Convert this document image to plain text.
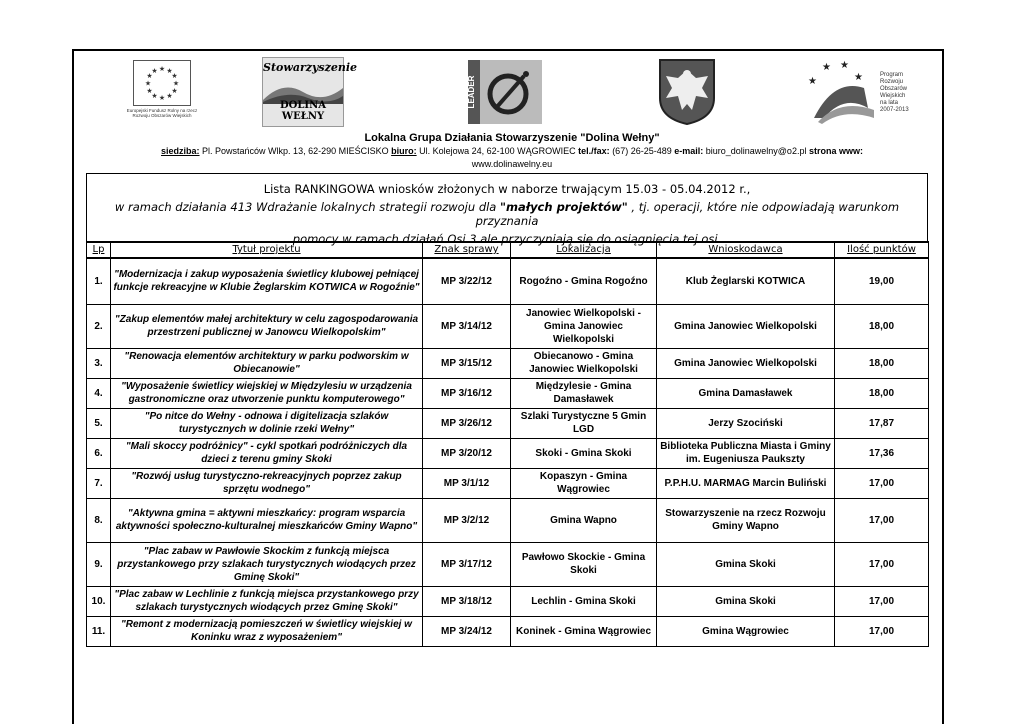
★ ★
★
★
★
★
★
★
★
★
★
★
Europejski Fundusz Rolny na rzecz Rozwoju Obszarów Wiejskich
Stowarzyszenie
DOLINA WEŁNY
LEADER
★ ★
★	★	Program
Rozwoju
Obszarów
Wiejskich
na lata 2007-2013
Lokalna Grupa Działania Stowarzyszenie "Dolina Wełny"
siedziba: Pl. Powstańców Wlkp. 13, 62-290 MIEŚCISKO biuro: Ul. Kolejowa 24, 62-100 WĄGROWIEC tel./fax: (67) 26-25-489 e-mail: biuro_dolinawelny@o2.pl strona www:
www.dolinawelny.eu
Lista RANKINGOWA wniosków złożonych w naborze trwającym 15.03 - 05.04.2012 r.,
w ramach działania 413 Wdrażanie lokalnych strategii rozwoju dla "małych projektów" , tj. operacji, które nie odpowiadają warunkom przyznania
pomocy w ramach działań Osi 3 ale przyczyniają się do osiągnięcia tej osi.
Lp	Tytuł projektu	Znak sprawy	Lokalizacja	Wnioskodawca	Ilość punktów
1.	"Modernizacja i zakup wyposażenia świetlicy klubowej pełniącej funkcje rekreacyjne w Klubie Żeglarskim KOTWICA w Rogoźnie"	MP 3/22/12	Rogoźno - Gmina Rogoźno	Klub Żeglarski KOTWICA	19,00
2.	"Zakup elementów małej architektury w celu zagospodarowania przestrzeni publicznej w Janowcu Wielkopolskim"	MP 3/14/12	Janowiec Wielkopolski - Gmina Janowiec Wielkopolski	Gmina Janowiec Wielkopolski	18,00
3.	"Renowacja elementów architektury w parku podworskim w Obiecanowie"	MP 3/15/12	Obiecanowo - Gmina Janowiec Wielkopolski	Gmina Janowiec Wielkopolski	18,00
4.	"Wyposażenie świetlicy wiejskiej w Międzylesiu w urządzenia gastronomiczne oraz utworzenie punktu komputerowego"	MP 3/16/12	Międzylesie - Gmina Damasławek	Gmina Damasławek	18,00
5.	"Po nitce do Wełny - odnowa i digitelizacja szlaków turystycznych w dolinie rzeki Wełny"	MP 3/26/12	Szlaki Turystyczne 5 Gmin LGD	Jerzy Szociński	17,87
6.	"Mali skoccy podróżnicy" - cykl spotkań podróżniczych dla dzieci z terenu gminy Skoki	MP 3/20/12	Skoki - Gmina Skoki	Biblioteka Publiczna Miasta i Gminy im. Eugeniusza Paukszty	17,36
7.	"Rozwój usług turystyczno-rekreacyjnych poprzez zakup sprzętu wodnego"	MP 3/1/12	Kopaszyn - Gmina Wągrowiec	P.P.H.U. MARMAG Marcin Buliński	17,00
8.	"Aktywna gmina = aktywni mieszkańcy: program wsparcia aktywności społeczno-kulturalnej mieszkańców Gminy Wapno"	MP 3/2/12	Gmina Wapno	Stowarzyszenie na rzecz Rozwoju Gminy Wapno	17,00
9.	"Plac zabaw w Pawłowie Skockim z funkcją miejsca przystankowego przy szlakach turystycznych wiodących przez Gminę Skoki"	MP 3/17/12	Pawłowo Skockie - Gmina Skoki	Gmina Skoki	17,00
10.	"Plac zabaw w Lechlinie z funkcją miejsca przystankowego przy szlakach turystycznych wiodących przez Gminę Skoki"	MP 3/18/12	Lechlin - Gmina Skoki	Gmina Skoki	17,00
11.	"Remont z modernizacją pomieszczeń w świetlicy wiejskiej w Koninku wraz z wyposażeniem"	MP 3/24/12	Koninek - Gmina Wągrowiec	Gmina Wągrowiec	17,00
